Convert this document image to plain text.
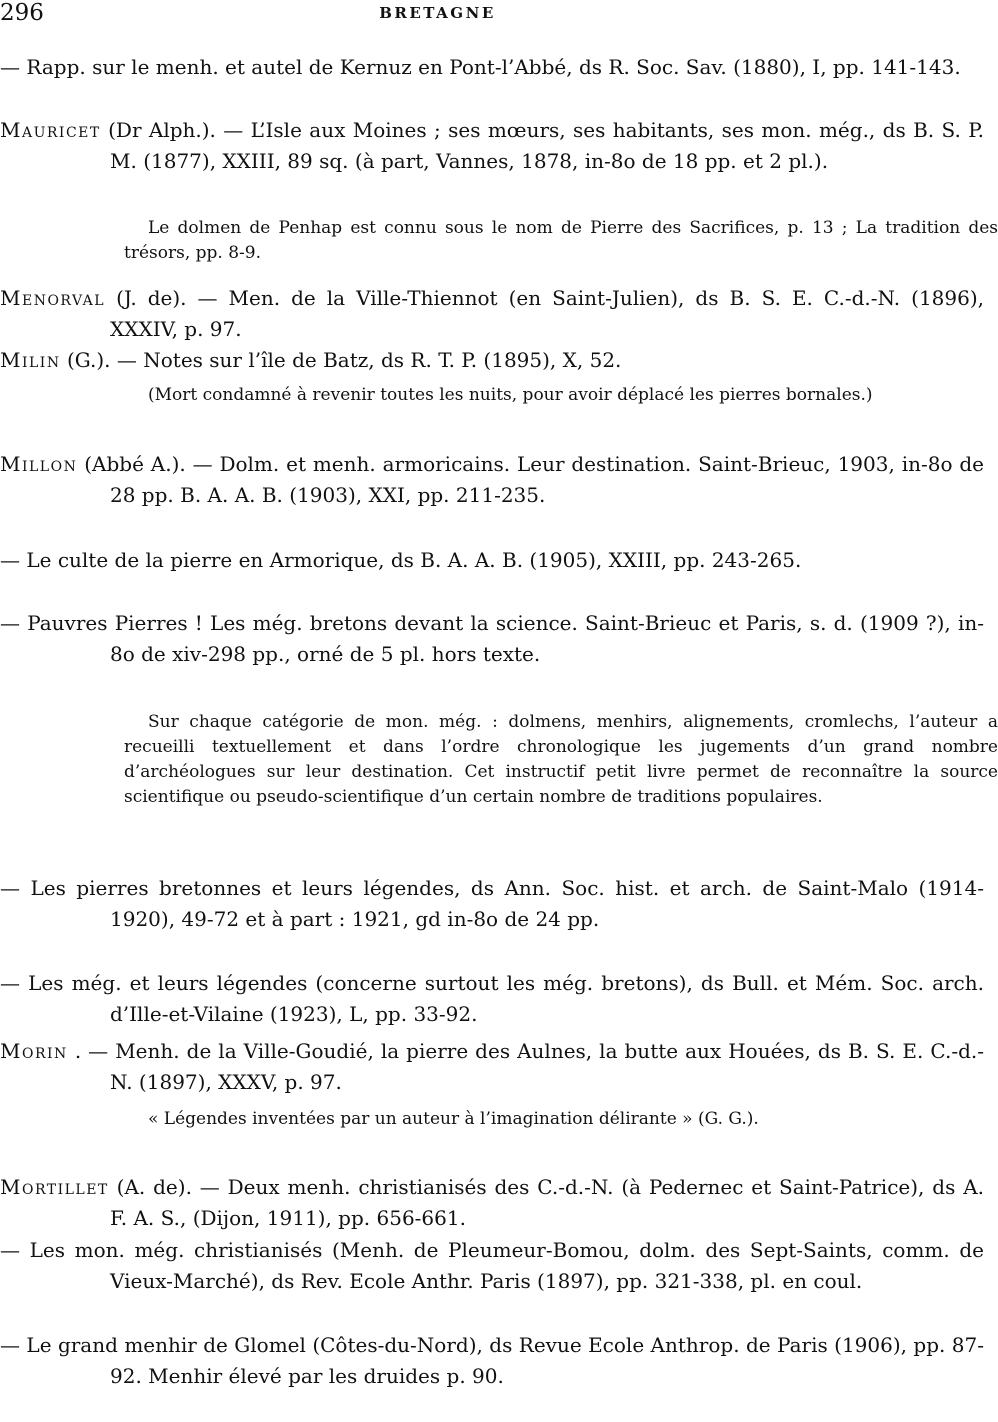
296	BRETAGNE
— Rapp. sur le menh. et autel de Kernuz en Pont-l’Abbé, ds R. Soc. Sav. (1880), I, pp. 141-143.
Mauricet (Dr Alph.). — L’Isle aux Moines ; ses mœurs, ses habitants, ses mon. még., ds B. S. P. M. (1877), XXIII, 89 sq. (à part, Vannes, 1878, in-8o de 18 pp. et 2 pl.).
Le dolmen de Penhap est connu sous le nom de Pierre des Sacrifices, p. 13 ; La tradition des trésors, pp. 8-9.
Menorval (J. de). — Men. de la Ville-Thiennot (en Saint-Julien), ds B. S. E. C.-d.-N. (1896), XXXIV, p. 97.
Milin (G.). — Notes sur l’île de Batz, ds R. T. P. (1895), X, 52.
(Mort condamné à revenir toutes les nuits, pour avoir déplacé les pierres bornales.)
Millon (Abbé A.). — Dolm. et menh. armoricains. Leur destination. Saint-Brieuc, 1903, in-8o de 28 pp. B. A. A. B. (1903), XXI, pp. 211-235.
— Le culte de la pierre en Armorique, ds B. A. A. B. (1905), XXIII, pp. 243-265.
— Pauvres Pierres ! Les még. bretons devant la science. Saint-Brieuc et Paris, s. d. (1909 ?), in-8o de xiv-298 pp., orné de 5 pl. hors texte.
Sur chaque catégorie de mon. még. : dolmens, menhirs, alignements, cromlechs, l’auteur a recueilli textuellement et dans l’ordre chronologique les jugements d’un grand nombre d’archéologues sur leur destination. Cet instructif petit livre permet de reconnaître la source scientifique ou pseudo-scientifique d’un certain nombre de traditions populaires.
— Les pierres bretonnes et leurs légendes, ds Ann. Soc. hist. et arch. de Saint-Malo (1914-1920), 49-72 et à part : 1921, gd in-8o de 24 pp.
— Les még. et leurs légendes (concerne surtout les még. bretons), ds Bull. et Mém. Soc. arch. d’Ille-et-Vilaine (1923), L, pp. 33-92.
Morin . — Menh. de la Ville-Goudié, la pierre des Aulnes, la butte aux Houées, ds B. S. E. C.-d.-N. (1897), XXXV, p. 97.
« Légendes inventées par un auteur à l’imagination délirante » (G. G.).
Mortillet (A. de). — Deux menh. christianisés des C.-d.-N. (à Pedernec et Saint-Patrice), ds A. F. A. S., (Dijon, 1911), pp. 656-661.
— Les mon. még. christianisés (Menh. de Pleumeur-Bomou, dolm. des Sept-Saints, comm. de Vieux-Marché), ds Rev. Ecole Anthr. Paris (1897), pp. 321-338, pl. en coul.
— Le grand menhir de Glomel (Côtes-du-Nord), ds Revue Ecole Anthrop. de Paris (1906), pp. 87-92. Menhir élevé par les druides p. 90.
